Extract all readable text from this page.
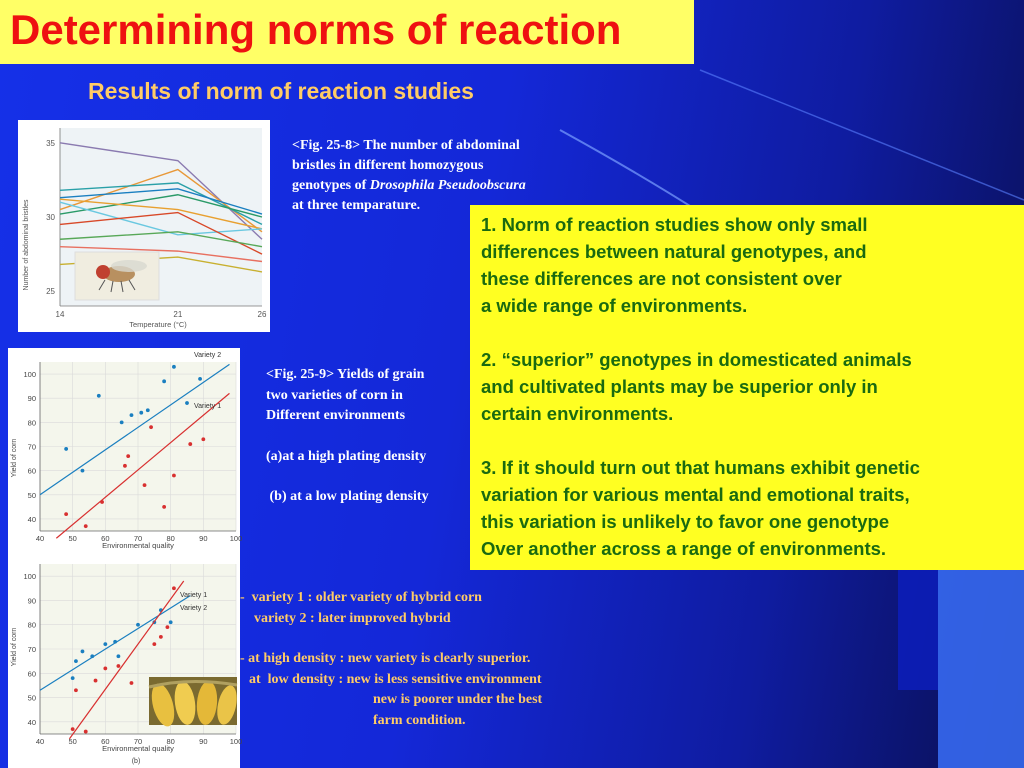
Determining norms of reaction
Results of norm of reaction studies
Number of abdominal bristles
Temperature (°C)
35
30
25
14	21	26

<Fig. 25-8> The number of abdominal

bristles in different homozygous

genotypes of Drosophila Pseudoobscura

at three temparature.

Yield of corn
Environmental quality
100
90
80
70
60
50
40
40	50	60	70	80	90	100
Variety 2
Variety 1
Yield of corn
Environmental quality
(b)
100
90
80
70
60
50
40
40	50	60	70	80	90	100
Variety 1
Variety 2

<Fig. 25-9> Yields of grain

two varieties of corn in

Different environments

(a)at a high plating density

(b) at a low plating density

-  variety 1 : older variety of hybrid corn

variety 2 : later improved hybrid

- at high density : new variety is clearly superior.

at  low density : new is less sensitive environment

new is poorer under the best

farm condition.

1. Norm of reaction studies show only small

differences between natural genotypes, and

these differences are not consistent over

a wide range of environments.

2. “superior” genotypes in domesticated animals

and cultivated plants may be superior only in

certain environments.

3. If it should turn out that humans exhibit genetic

variation for various mental and emotional traits,

this variation is unlikely to favor one genotype

Over another across a range of environments.
